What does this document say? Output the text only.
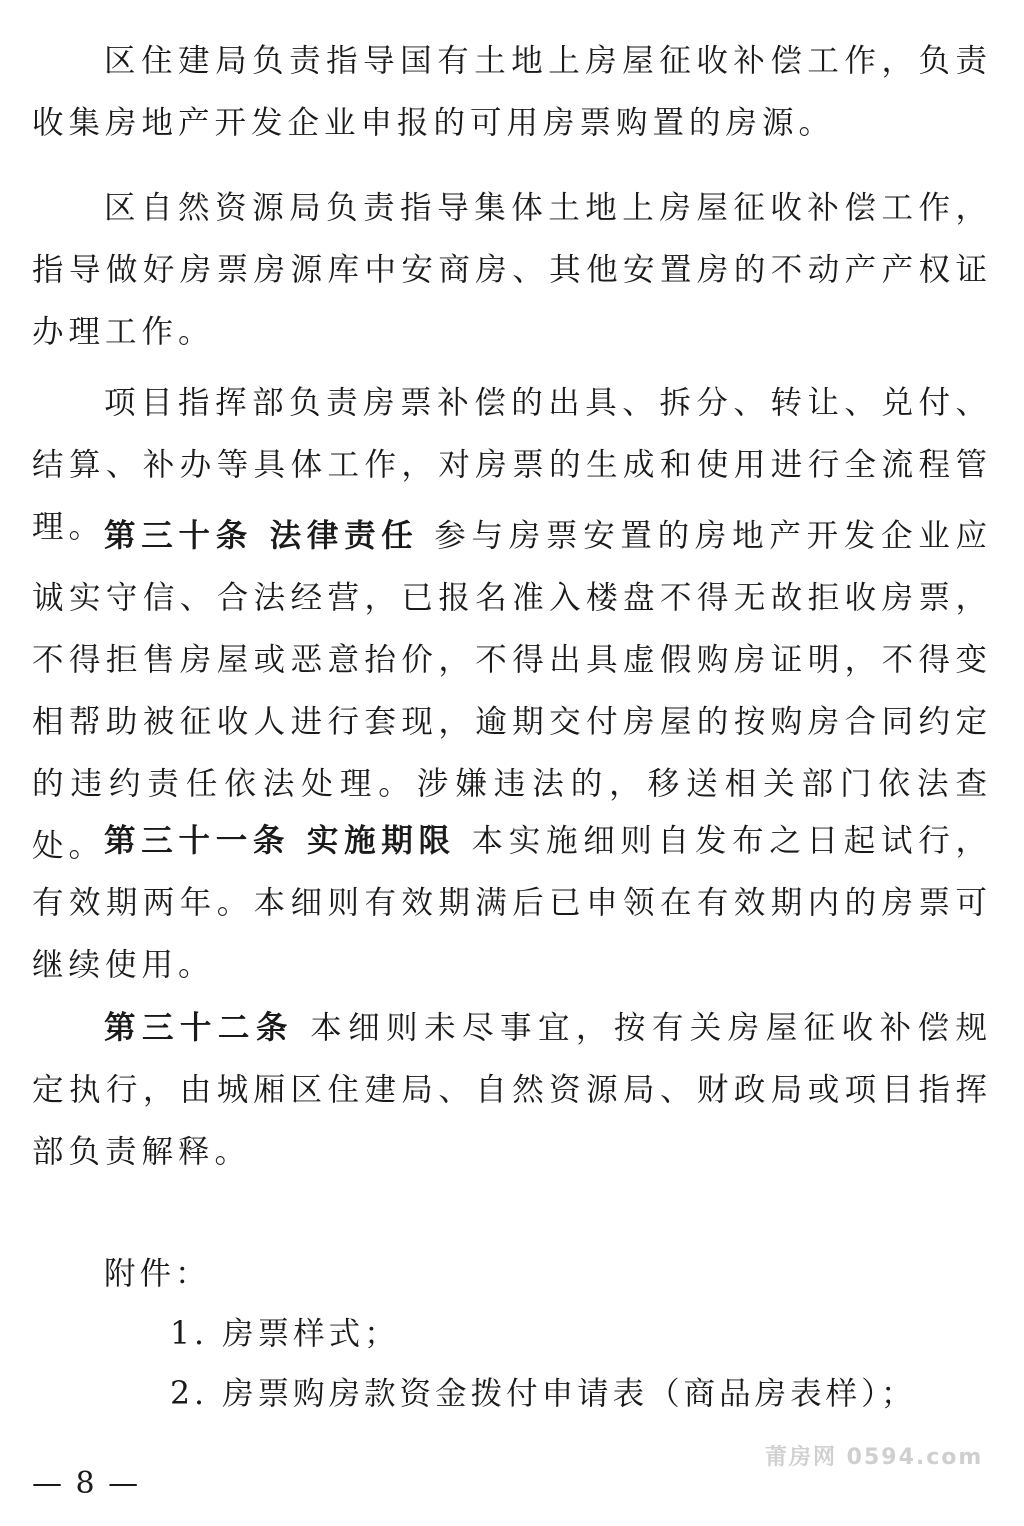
区住建局负责指导国有土地上房屋征收补偿工作，负责收集房地产开发企业申报的可用房票购置的房源。

区自然资源局负责指导集体土地上房屋征收补偿工作，指导做好房票房源库中安商房、其他安置房的不动产产权证办理工作。

项目指挥部负责房票补偿的出具、拆分、转让、兑付、结算、补办等具体工作，对房票的生成和使用进行全流程管理。

第三十条 法律责任 参与房票安置的房地产开发企业应诚实守信、合法经营，已报名准入楼盘不得无故拒收房票，不得拒售房屋或恶意抬价，不得出具虚假购房证明，不得变相帮助被征收人进行套现，逾期交付房屋的按购房合同约定的违约责任依法处理。涉嫌违法的，移送相关部门依法查处。

第三十一条 实施期限 本实施细则自发布之日起试行，有效期两年。本细则有效期满后已申领在有效期内的房票可继续使用。

第三十二条 本细则未尽事宜，按有关房屋征收补偿规定执行，由城厢区住建局、自然资源局、财政局或项目指挥部负责解释。

附件：
1. 房票样式；
2. 房票购房款资金拨付申请表（商品房表样）；
莆房网 0594.com
— 8 —
